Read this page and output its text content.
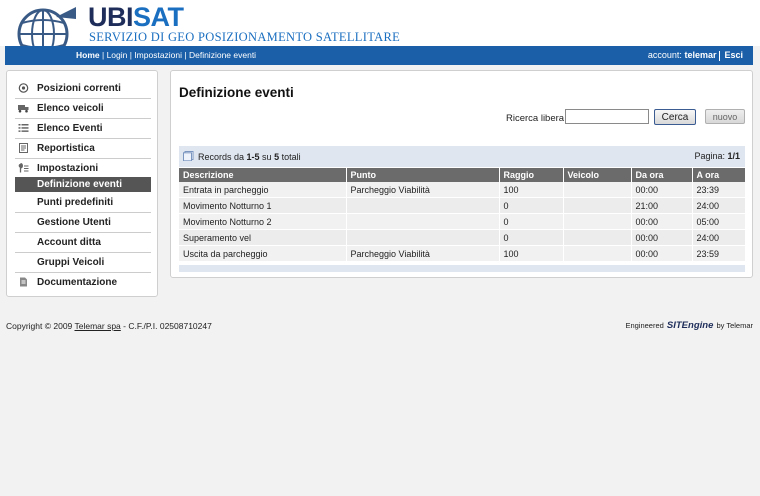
UBISAT
SERVIZIO DI GEO POSIZIONAMENTO SATELLITARE
Home | Login | Impostazioni | Definizione eventi	account: telemar Esci
Posizioni correnti
Elenco veicoli
Elenco Eventi
Reportistica
Impostazioni
Definizione eventi
Punti predefiniti
Gestione Utenti
Account ditta
Gruppi Veicoli
Documentazione
Definizione eventi
Ricerca libera	Cerca	nuovo
Records da 1-5 su 5 totali	Pagina: 1/1
Descrizione	Punto	Raggio	Veicolo	Da ora	A ora
Entrata in parcheggio	Parcheggio Viabilità	100		00:00	23:39
Movimento Notturno 1		0		21:00	24:00
Movimento Notturno 2		0		00:00	05:00
Superamento vel		0		00:00	24:00
Uscita da parcheggio	Parcheggio Viabilità	100		00:00	23:59
Copyright © 2009 Telemar spa - C.F./P.I. 02508710247	Engineered SITEngine by Telemar
